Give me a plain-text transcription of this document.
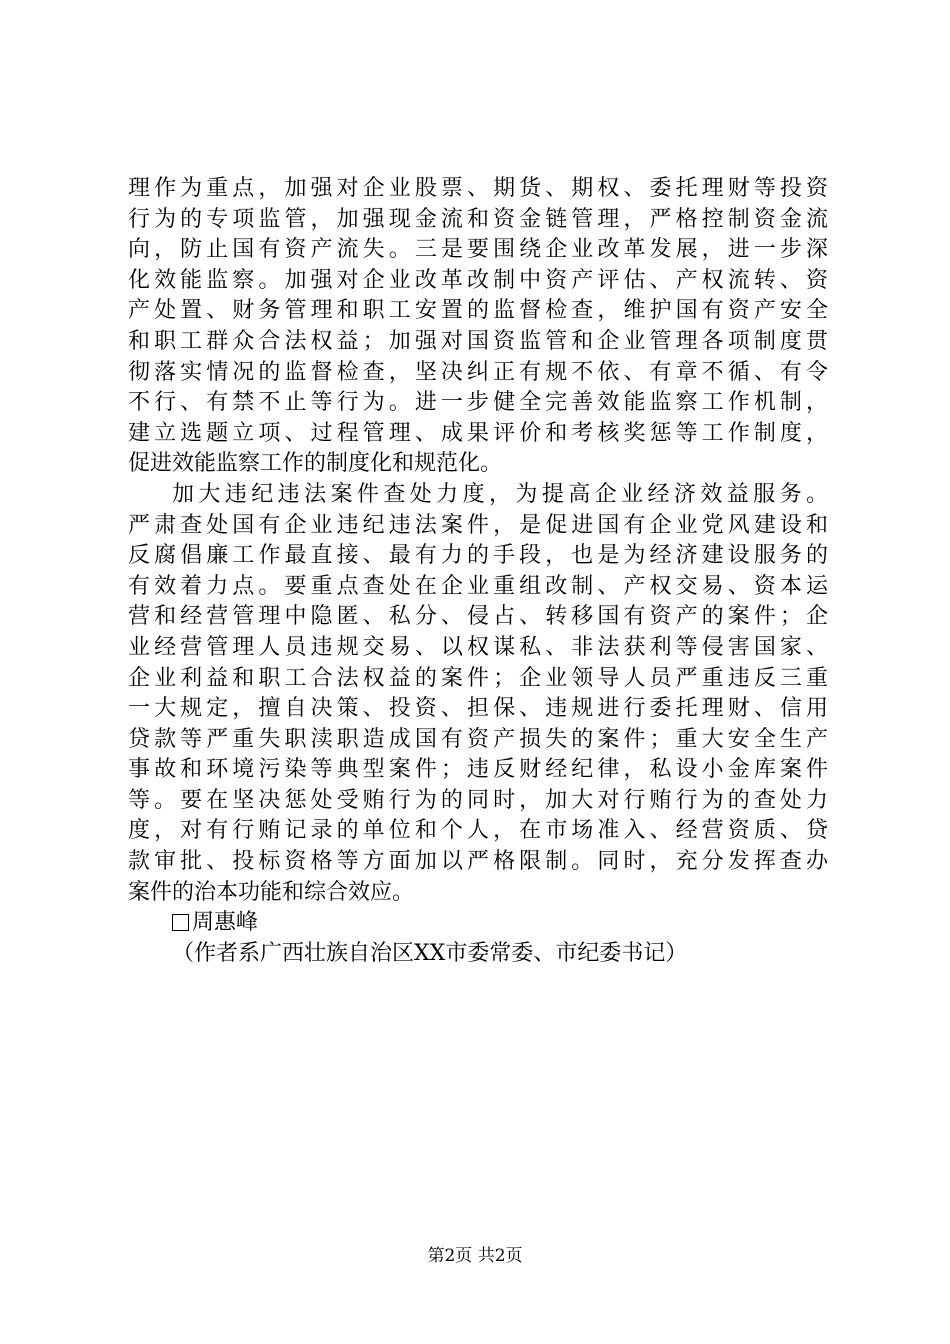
理作为重点，加强对企业股票、期货、期权、委托理财等投资
行为的专项监管，加强现金流和资金链管理，严格控制资金流
向，防止国有资产流失。三是要围绕企业改革发展，进一步深
化效能监察。加强对企业改革改制中资产评估、产权流转、资
产处置、财务管理和职工安置的监督检查，维护国有资产安全
和职工群众合法权益；加强对国资监管和企业管理各项制度贯
彻落实情况的监督检查，坚决纠正有规不依、有章不循、有令
不行、有禁不止等行为。进一步健全完善效能监察工作机制，
建立选题立项、过程管理、成果评价和考核奖惩等工作制度，
促进效能监察工作的制度化和规范化。
加大违纪违法案件查处力度，为提高企业经济效益服务。
严肃查处国有企业违纪违法案件，是促进国有企业党风建设和
反腐倡廉工作最直接、最有力的手段，也是为经济建设服务的
有效着力点。要重点查处在企业重组改制、产权交易、资本运
营和经营管理中隐匿、私分、侵占、转移国有资产的案件；企
业经营管理人员违规交易、以权谋私、非法获利等侵害国家、
企业利益和职工合法权益的案件；企业领导人员严重违反三重
一大规定，擅自决策、投资、担保、违规进行委托理财、信用
贷款等严重失职渎职造成国有资产损失的案件；重大安全生产
事故和环境污染等典型案件；违反财经纪律，私设小金库案件
等。要在坚决惩处受贿行为的同时，加大对行贿行为的查处力
度，对有行贿记录的单位和个人，在市场准入、经营资质、贷
款审批、投标资格等方面加以严格限制。同时，充分发挥查办
案件的治本功能和综合效应。
周惠峰
（作者系广西壮族自治区XX市委常委、市纪委书记）
第2页 共2页
